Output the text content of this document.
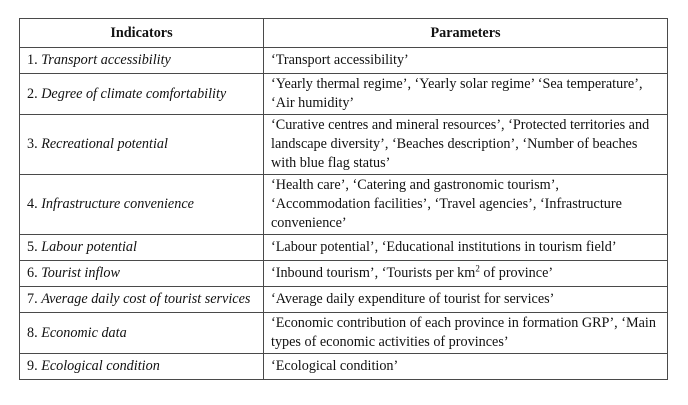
Indicators	Parameters
1. Transport accessibility	‘Transport accessibility’
2. Degree of climate comfortability	‘Yearly thermal regime’, ‘Yearly solar regime’ ‘Sea temperature’, ‘Air humidity’
3. Recreational potential	‘Curative centres and mineral resources’, ‘Protected territories and landscape diversity’, ‘Beaches description’, ‘Number of beaches with blue flag status’
4. Infrastructure convenience	‘Health care’, ‘Catering and gastronomic tourism’, ‘Accommodation facilities’, ‘Travel agencies’, ‘Infrastructure convenience’
5. Labour potential	‘Labour potential’, ‘Educational institutions in tourism field’
6. Tourist inflow	‘Inbound tourism’, ‘Tourists per $km^2$ of province’
7. Average daily cost of tourist services	‘Average daily expenditure of tourist for services’
8. Economic data	‘Economic contribution of each province in formation GRP’, ‘Main types of economic activities of provinces’
9. Ecological condition	‘Ecological condition’
